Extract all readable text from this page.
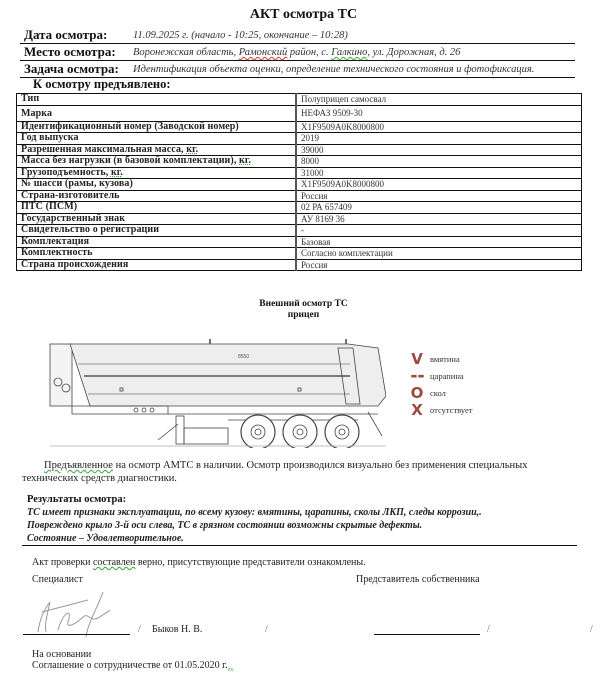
АКТ осмотра ТС
Дата осмотра: 11.09.2025 г. (начало - 10:25, окончание – 10:28)
Место осмотра: Воронежская область, Рамонский район, с. Галкино, ул. Дорожная, д. 26
Задача осмотра: Идентификация объекта оценки, определение технического состояния и фотофиксация.
К осмотру предъявлено:
Тип	Полуприцеп самосвал
Марка	НЕФАЗ 9509-30
Идентификационный номер (Заводской номер)	X1F9509A0K8000800
Год выпуска	2019
Разрешенная максимальная масса, кг.	39000
Масса без нагрузки (в базовой комплектации), кг.	8000
Грузоподъемность, кг.	31000
№ шасси (рамы, кузова)	X1F9509A0K8000800
Страна-изготовитель	Россия
ПТС (ПСМ)	02 РА 657409
Государственный знак	АУ 8169 36
Свидетельство о регистрации	-
Комплектация	Базовая
Комплектность	Согласно комплектации
Страна происхождения	Россия
Внешний осмотр ТС
прицеп
8550	V вмятина
▬ ▬ царапина
O скол
X отсутствует
Предъявленное на осмотр АМТС в наличии. Осмотр производился визуально без применения специальных технических средств диагностики.
Результаты осмотра:
ТС имеет признаки эксплуатации, по всему кузову: вмятины, царапины, сколы ЛКП, следы коррозии,.
Повреждено крыло 3-й оси слева, ТС в грязном состоянии возможны скрытые дефекты.
Состояние – Удовлетворительное.
Акт проверки составлен верно, присутствующие представители ознакомлены.
Специалист	Представитель собственника
/ Быков Н. В.	/	/	/
На основании
Соглашение о сотрудничестве от 01.05.2020 $г._{сх}$
